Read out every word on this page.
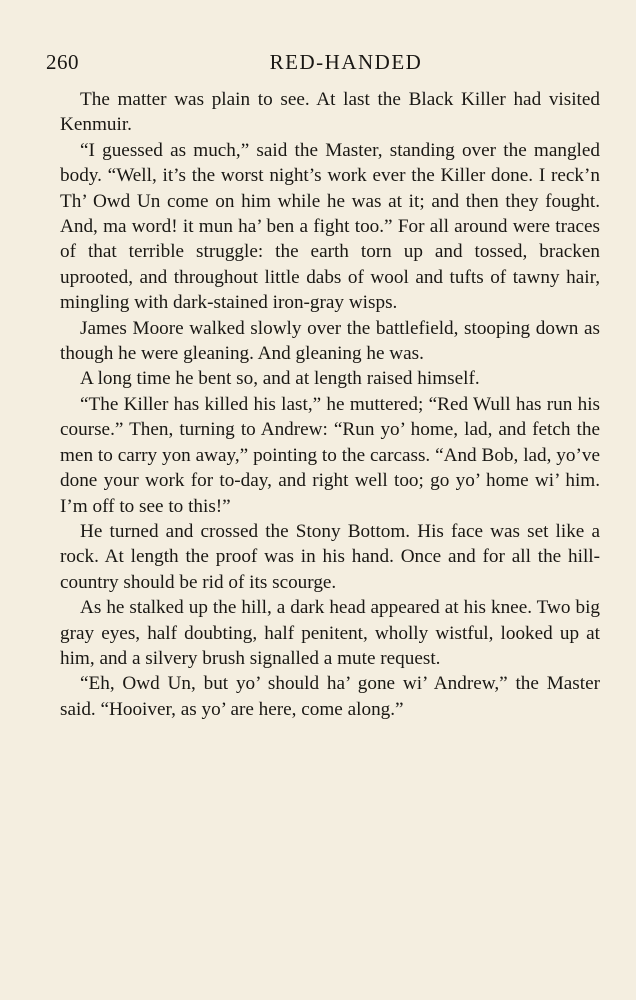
260	RED-HANDED

The matter was plain to see. At last the Black Killer had visited Kenmuir.

“I guessed as much,” said the Master, standing over the mangled body. “Well, it’s the worst night’s work ever the Killer done. I reck’n Th’ Owd Un come on him while he was at it; and then they fought. And, ma word! it mun ha’ ben a fight too.” For all around were traces of that terrible struggle: the earth torn up and tossed, bracken uprooted, and throughout little dabs of wool and tufts of tawny hair, mingling with dark-stained iron-gray wisps.

James Moore walked slowly over the battlefield, stooping down as though he were gleaning. And gleaning he was.

A long time he bent so, and at length raised himself.

“The Killer has killed his last,” he muttered; “Red Wull has run his course.” Then, turning to Andrew: “Run yo’ home, lad, and fetch the men to carry yon away,” pointing to the carcass. “And Bob, lad, yo’ve done your work for to-day, and right well too; go yo’ home wi’ him. I’m off to see to this!”

He turned and crossed the Stony Bottom. His face was set like a rock. At length the proof was in his hand. Once and for all the hill-country should be rid of its scourge.

As he stalked up the hill, a dark head appeared at his knee. Two big gray eyes, half doubting, half penitent, wholly wistful, looked up at him, and a silvery brush signalled a mute request.

“Eh, Owd Un, but yo’ should ha’ gone wi’ Andrew,” the Master said. “Hooiver, as yo’ are here, come along.”
